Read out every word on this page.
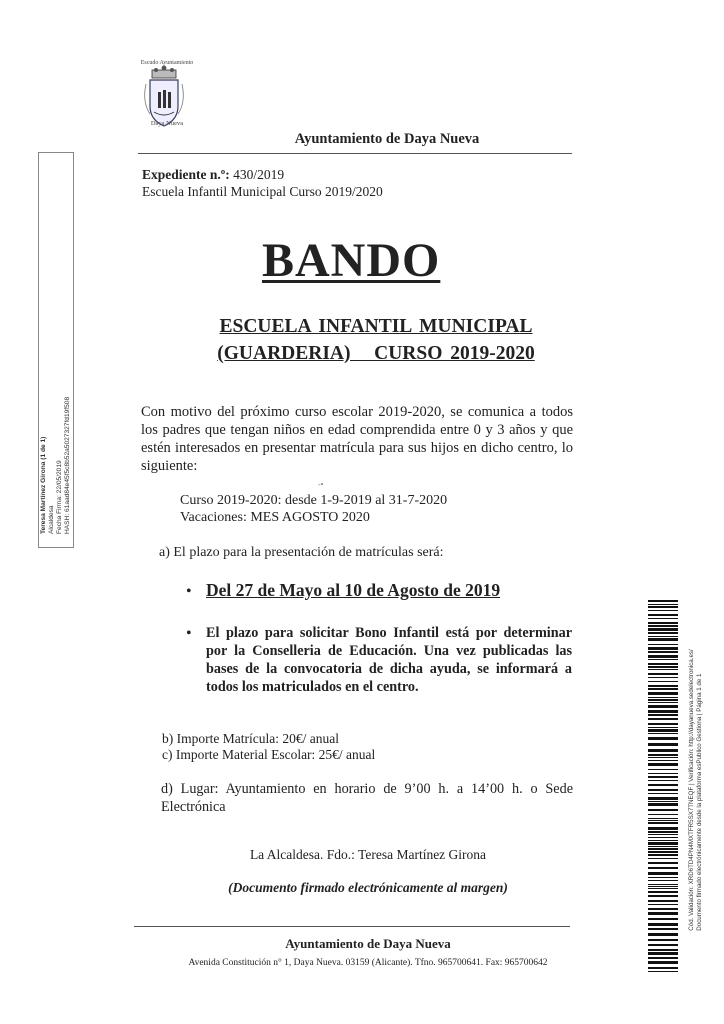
Escudo Ayuntamiento
Daya Nueva
Ayuntamiento de Daya Nueva
Expediente n.º: 430/2019
Escuela Infantil Municipal Curso 2019/2020
BANDO
ESCUELA INFANTIL MUNICIPAL
(GUARDERIA)   CURSO 2019-2020
Con motivo del próximo curso escolar 2019-2020, se comunica a todos los padres que tengan niños en edad comprendida entre 0 y 3 años y que estén interesados en presentar matrícula para sus hijos en dicho centro, lo siguiente:
-•
Curso 2019-2020: desde 1-9-2019 al 31-7-2020
Vacaciones: MES AGOSTO 2020
a) El plazo para la presentación de matrículas será:
• Del 27 de Mayo al 10 de Agosto de 2019
• El plazo para solicitar Bono Infantil está por determinar por la Conselleria de Educación. Una vez publicadas las bases de la convocatoria de dicha ayuda, se informará a todos los matriculados en el centro.
b) Importe Matrícula: 20€/ anual
c) Importe Material Escolar: 25€/ anual
d) Lugar: Ayuntamiento en horario de 9’00 h. a 14’00 h. o Sede Electrónica
La Alcaldesa. Fdo.: Teresa Martínez Girona
(Documento firmado electrónicamente al margen)
Ayuntamiento de Daya Nueva
Avenida Constitución n° 1, Daya Nueva. 03159 (Alicante). Tfno. 965700641. Fax: 965700642
Teresa Martínez Girona (1 de 1) Alcaldesa Fecha Firma: 22/05/2019 HASH: 61aad84e45f5c8b52a5027327fd19f508
Cód. Validación: XRD6TD4PN4MXTFR5SX7TNEQF | Verificación: http://dayanueva.sedelectronica.es/ Documento firmado electrónicamente desde la plataforma esPublico Gestiona | Página 1 de 1
